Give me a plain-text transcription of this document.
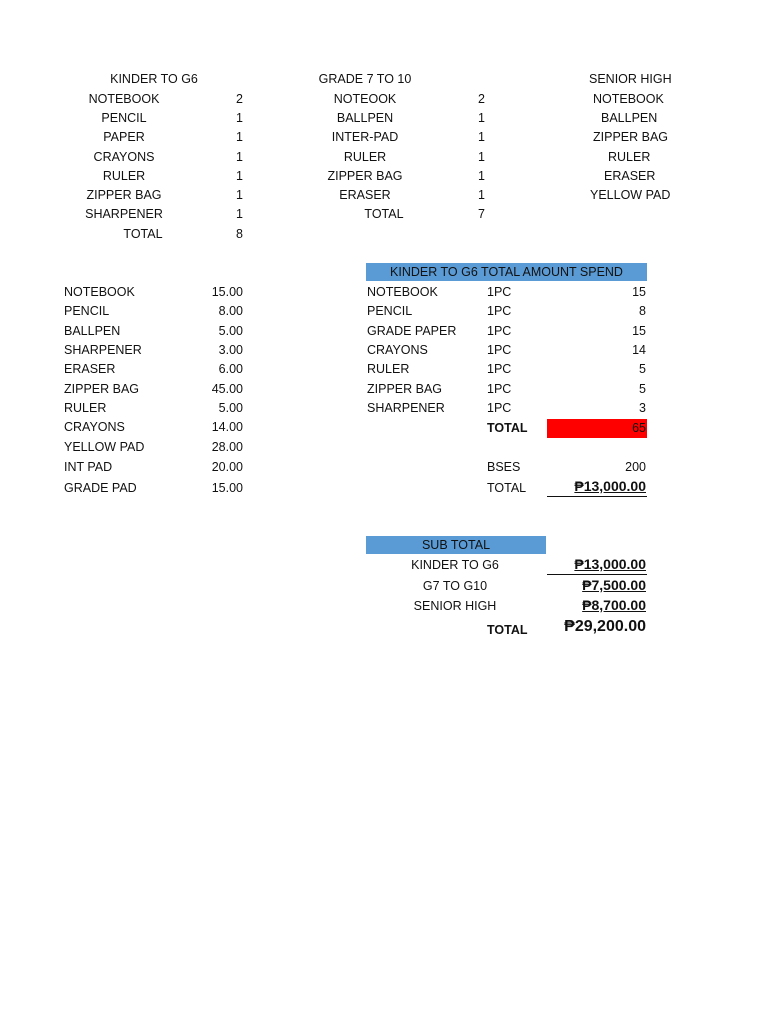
KINDER TO G6
NOTEBOOK	2
PENCIL	1
PAPER	1
CRAYONS	1
RULER	1
ZIPPER BAG	1
SHARPENER	1
TOTAL	8
GRADE 7 TO 10
NOTEOOK	2
BALLPEN	1
INTER-PAD	1
RULER	1
ZIPPER BAG	1
ERASER	1
TOTAL	7
SENIOR HIGH
NOTEBOOK
BALLPEN
ZIPPER BAG
RULER
ERASER
YELLOW PAD
NOTEBOOK	15.00
PENCIL	8.00
BALLPEN	5.00
SHARPENER	3.00
ERASER	6.00
ZIPPER BAG	45.00
RULER	5.00
CRAYONS	14.00
YELLOW PAD	28.00
INT PAD	20.00
GRADE PAD	15.00
KINDER TO G6 TOTAL AMOUNT SPEND
NOTEBOOK	1PC	15
PENCIL	1PC	8
GRADE PAPER 1PC	15
CRAYONS	1PC	14
RULER	1PC	5
ZIPPER BAG	1PC	5
SHARPENER	1PC	3
TOTAL	65
BSES	200
TOTAL	₱13,000.00
SUB TOTAL
KINDER TO G6	₱13,000.00
G7 TO G10	₱7,500.00
SENIOR HIGH	₱8,700.00
TOTAL ₱29,200.00
